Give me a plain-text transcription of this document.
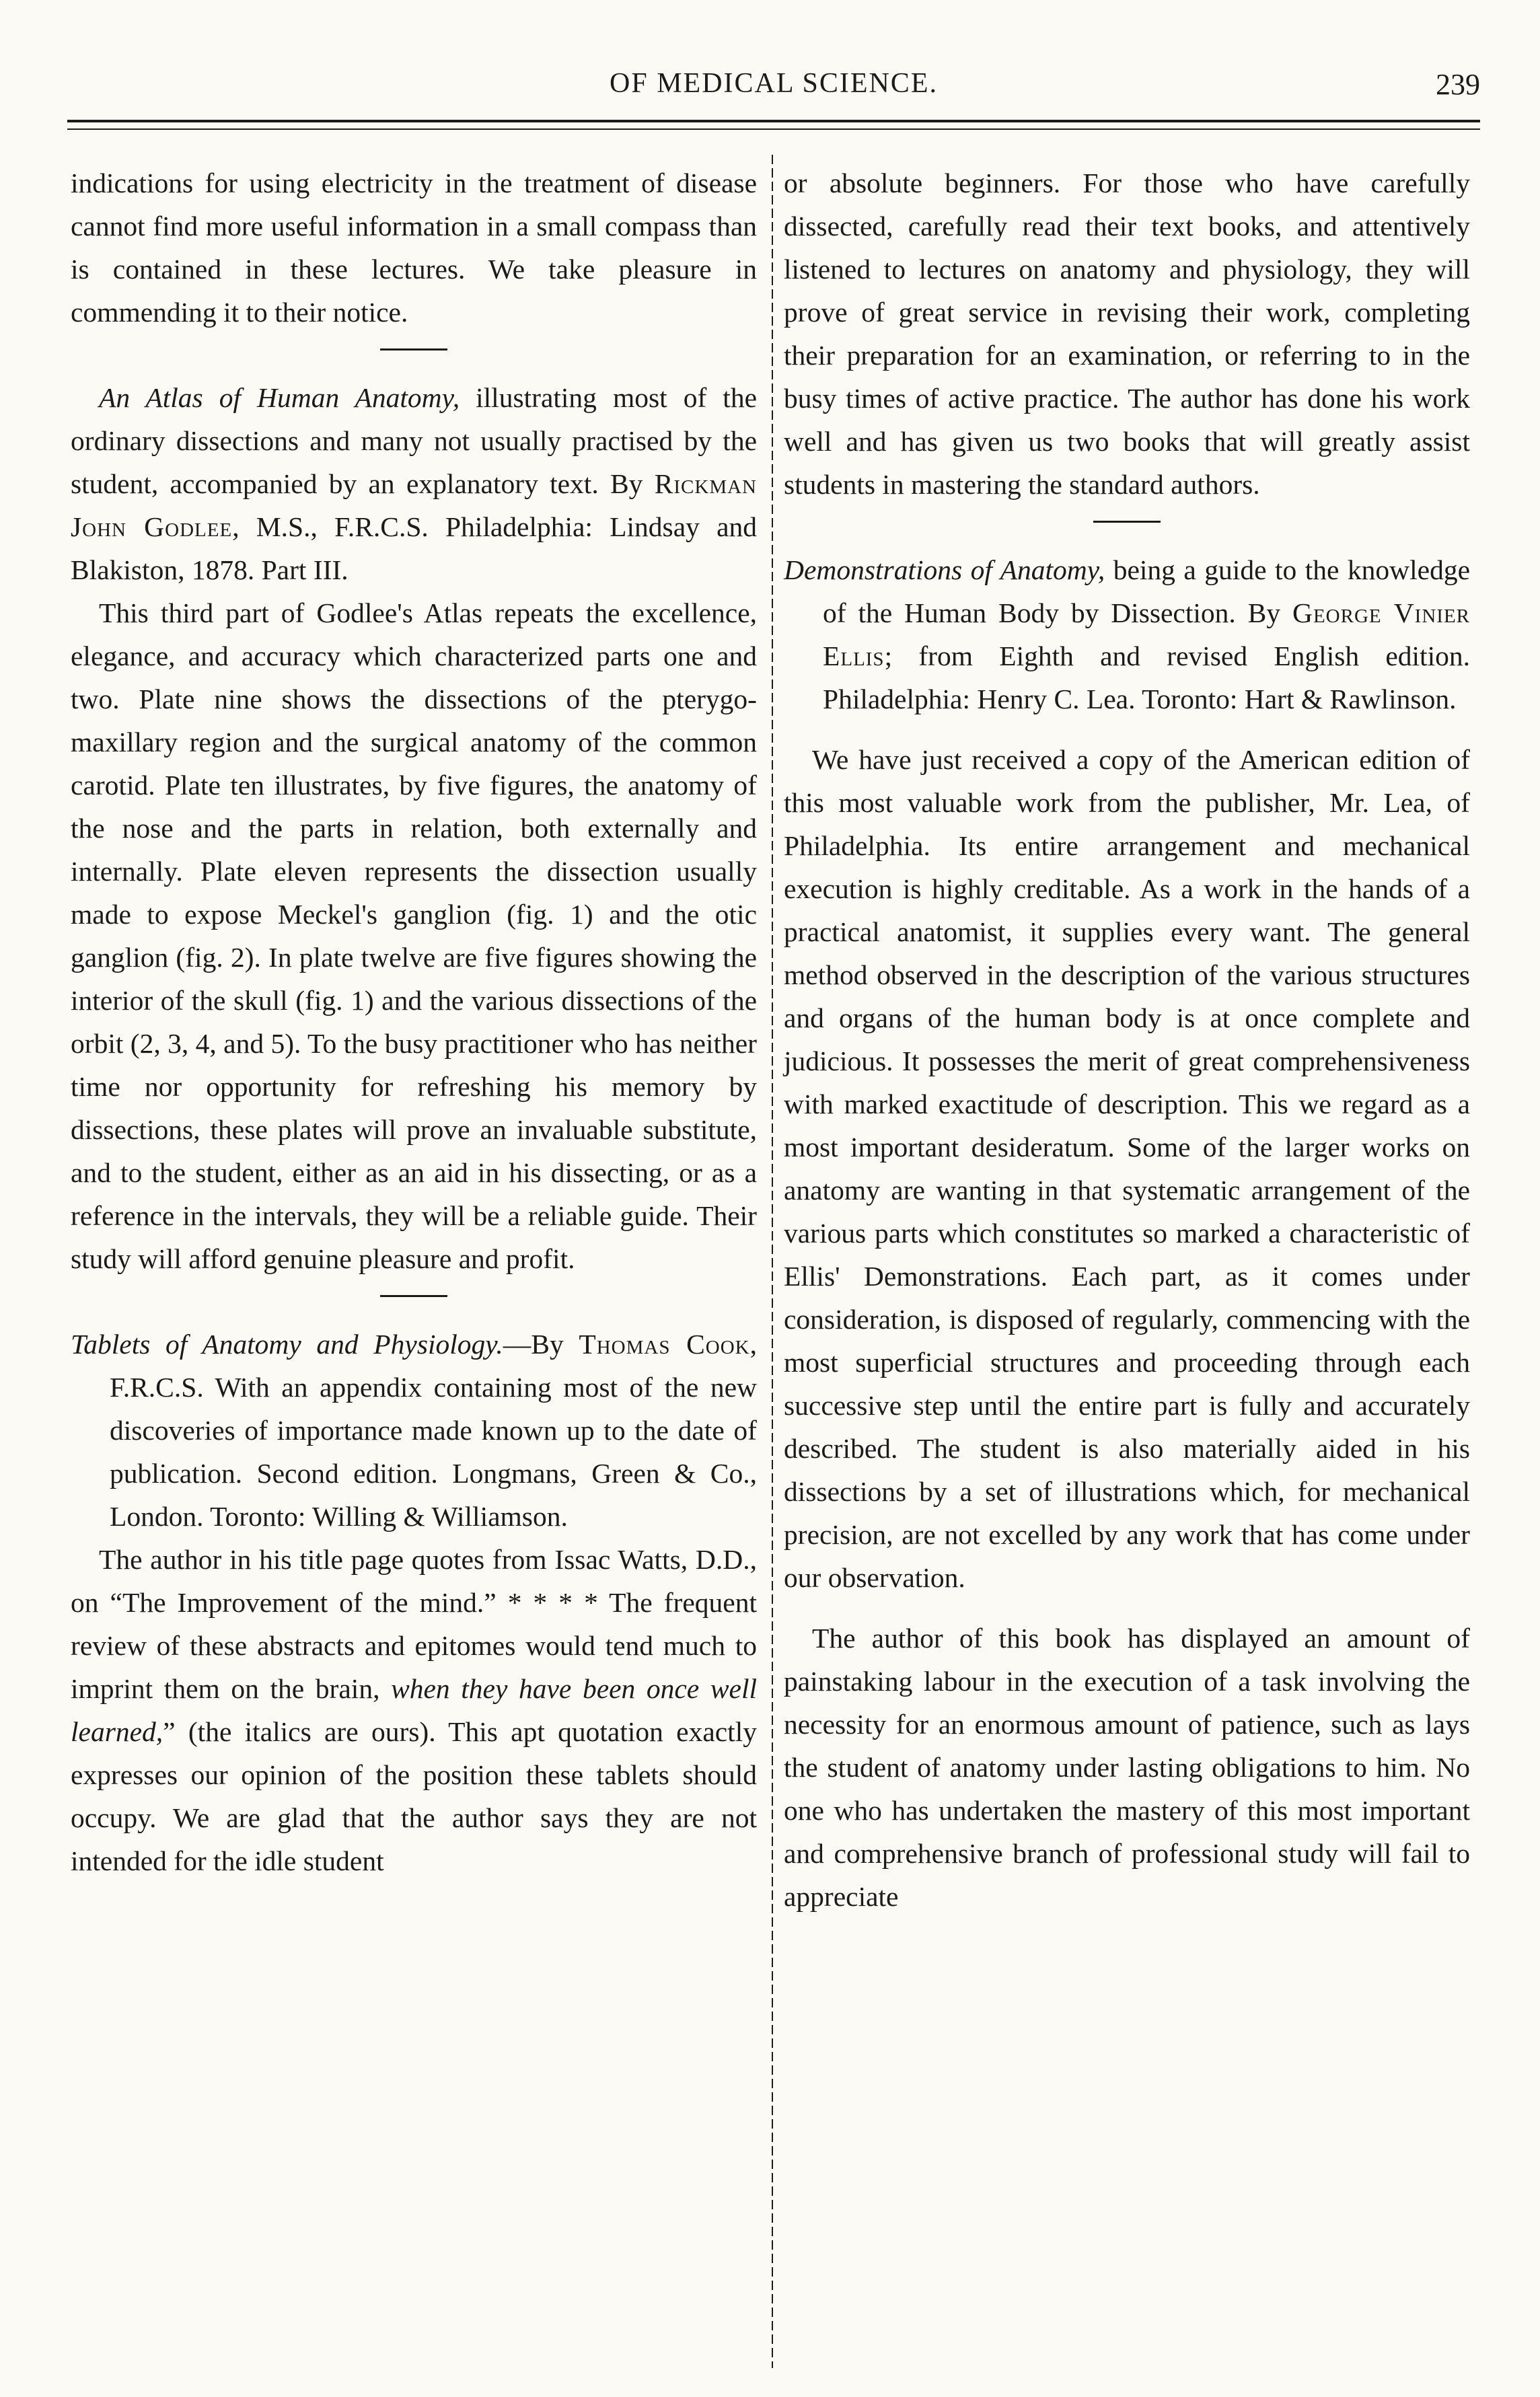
OF MEDICAL SCIENCE.	239

indications for using electricity in the treatment of disease cannot find more useful information in a small compass than is contained in these lectures. We take pleasure in commending it to their notice.

An Atlas of Human Anatomy, illustrating most of the ordinary dissections and many not usually practised by the student, accompanied by an explanatory text. By Rickman John Godlee, M.S., F.R.C.S. Philadelphia: Lindsay and Blakiston, 1878. Part III.

This third part of Godlee's Atlas repeats the excellence, elegance, and accuracy which characterized parts one and two. Plate nine shows the dissections of the pterygo-maxillary region and the surgical anatomy of the common carotid. Plate ten illustrates, by five figures, the anatomy of the nose and the parts in relation, both externally and internally. Plate eleven represents the dissection usually made to expose Meckel's ganglion (fig. 1) and the otic ganglion (fig. 2). In plate twelve are five figures showing the interior of the skull (fig. 1) and the various dissections of the orbit (2, 3, 4, and 5). To the busy practitioner who has neither time nor opportunity for refreshing his memory by dissections, these plates will prove an invaluable substitute, and to the student, either as an aid in his dissecting, or as a reference in the intervals, they will be a reliable guide. Their study will afford genuine pleasure and profit.

Tablets of Anatomy and Physiology.—By Thomas Cook, F.R.C.S. With an appendix containing most of the new discoveries of importance made known up to the date of publication. Second edition. Longmans, Green & Co., London. Toronto: Willing & Williamson.

The author in his title page quotes from Issac Watts, D.D., on “The Improvement of the mind.” * * * * The frequent review of these abstracts and epitomes would tend much to imprint them on the brain, when they have been once well learned,” (the italics are ours). This apt quotation exactly expresses our opinion of the position these tablets should occupy. We are glad that the author says they are not intended for the idle student

or absolute beginners. For those who have carefully dissected, carefully read their text books, and attentively listened to lectures on anatomy and physiology, they will prove of great service in revising their work, completing their preparation for an examination, or referring to in the busy times of active practice. The author has done his work well and has given us two books that will greatly assist students in mastering the standard authors.

Demonstrations of Anatomy, being a guide to the knowledge of the Human Body by Dissection. By George Vinier Ellis; from Eighth and revised English edition. Philadelphia: Henry C. Lea. Toronto: Hart & Rawlinson.

We have just received a copy of the American edition of this most valuable work from the publisher, Mr. Lea, of Philadelphia. Its entire arrangement and mechanical execution is highly creditable. As a work in the hands of a practical anatomist, it supplies every want. The general method observed in the description of the various structures and organs of the human body is at once complete and judicious. It possesses the merit of great comprehensiveness with marked exactitude of description. This we regard as a most important desideratum. Some of the larger works on anatomy are wanting in that systematic arrangement of the various parts which constitutes so marked a characteristic of Ellis' Demonstrations. Each part, as it comes under consideration, is disposed of regularly, commencing with the most superficial structures and proceeding through each successive step until the entire part is fully and accurately described. The student is also materially aided in his dissections by a set of illustrations which, for mechanical precision, are not excelled by any work that has come under our observation.

The author of this book has displayed an amount of painstaking labour in the execution of a task involving the necessity for an enormous amount of patience, such as lays the student of anatomy under lasting obligations to him. No one who has undertaken the mastery of this most important and comprehensive branch of professional study will fail to appreciate
